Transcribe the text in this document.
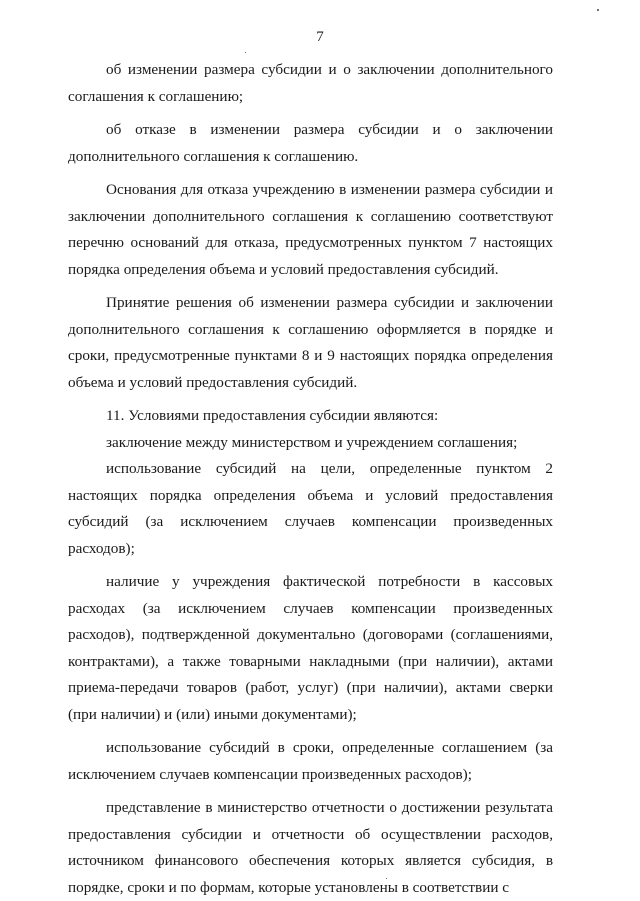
7

об изменении размера субсидии и о заключении дополнительного соглашения к соглашению;

об отказе в изменении размера субсидии и о заключении дополнительного соглашения к соглашению.

Основания для отказа учреждению в изменении размера субсидии и заключении дополнительного соглашения к соглашению соответствуют перечню оснований для отказа, предусмотренных пунктом 7 настоящих порядка определения объема и условий предоставления субсидий.

Принятие решения об изменении размера субсидии и заключении дополнительного соглашения к соглашению оформляется в порядке и сроки, предусмотренные пунктами 8 и 9 настоящих порядка определения объема и условий предоставления субсидий.

11. Условиями предоставления субсидии являются:

заключение между министерством и учреждением соглашения;

использование субсидий на цели, определенные пунктом 2 настоящих порядка определения объема и условий предоставления субсидий (за исключением случаев компенсации произведенных расходов);

наличие у учреждения фактической потребности в кассовых расходах (за исключением случаев компенсации произведенных расходов), подтвержденной документально (договорами (соглашениями, контрактами), а также товарными накладными (при наличии), актами приема-передачи товаров (работ, услуг) (при наличии), актами сверки (при наличии) и (или) иными документами);

использование субсидий в сроки, определенные соглашением (за исключением случаев компенсации произведенных расходов);

представление в министерство отчетности о достижении результата предоставления субсидии и отчетности об осуществлении расходов, источником финансового обеспечения которых является субсидия, в порядке, сроки и по формам, которые установлены в соответствии с
